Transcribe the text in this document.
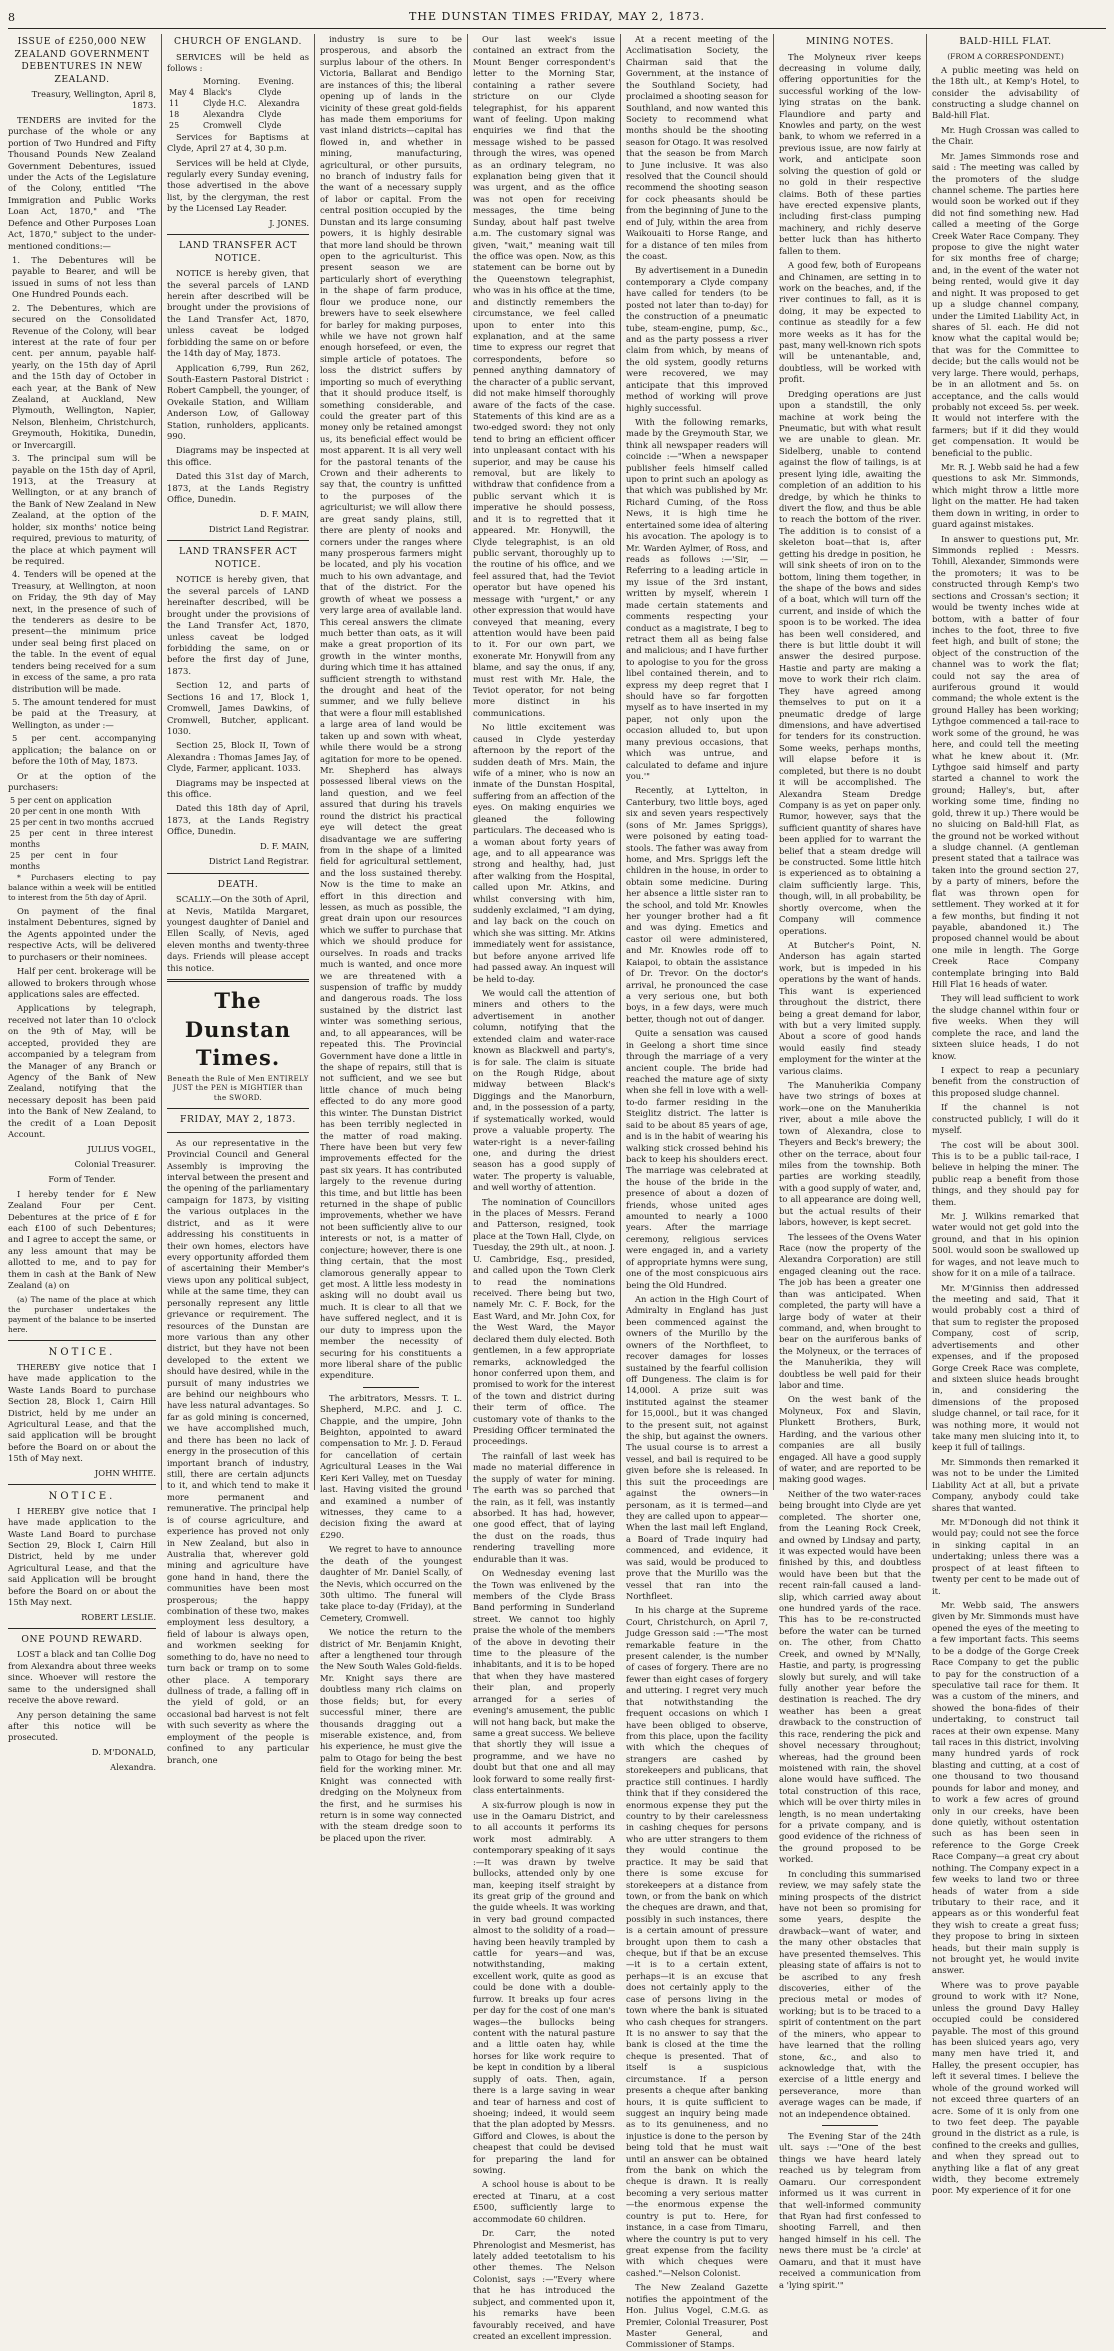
8	THE DUNSTAN TIMES FRIDAY, MAY 2, 1873.
ISSUE of £250,000 NEW ZEALAND GOVERNMENT DEBENTURES IN NEW ZEALAND.

Treasury, Wellington, April 8, 1873.

TENDERS are invited for the purchase of the whole or any portion of Two Hundred and Fifty Thousand Pounds New Zealand Government Debentures, issued under the Acts of the Legislature of the Colony, entitled "The Immigration and Public Works Loan Act, 1870," and "The Defence and Other Purposes Loan Act, 1870," subject to the under-mentioned conditions:—

1. The Debentures will be payable to Bearer, and will be issued in sums of not less than One Hundred Pounds each.
2. The Debentures, which are secured on the Consolidated Revenue of the Colony, will bear interest at the rate of four per cent. per annum, payable half-yearly, on the 15th day of April and the 15th day of October in each year, at the Bank of New Zealand, at Auckland, New Plymouth, Wellington, Napier, Nelson, Blenheim, Christchurch, Greymouth, Hokitika, Dunedin, or Invercargill.
3. The principal sum will be payable on the 15th day of April, 1913, at the Treasury at Wellington, or at any branch of the Bank of New Zealand in New Zealand, at the option of the holder, six months' notice being required, previous to maturity, of the place at which payment will be required.
4. Tenders will be opened at the Treasury, at Wellington, at noon on Friday, the 9th day of May next, in the presence of such of the tenderers as desire to be present—the minimum price under seal being first placed on the table. In the event of equal tenders being received for a sum in excess of the same, a pro rata distribution will be made.
5. The amount tendered for must be paid at the Treasury, at Wellington, as under :—
5 per cent. accompanying application; the balance on or before the 10th of May, 1873.

Or at the option of the purchasers:

5 per cent on application	
20 per cent in one month	With
25 per cent in two months	accrued
25 per cent in three months	interest
25 per cent in four months	

* Purchasers electing to pay balance within a week will be entitled to interest from the 5th day of April.

On payment of the final instalment Debentures, signed by the Agents appointed under the respective Acts, will be delivered to purchasers or their nominees.

Half per cent. brokerage will be allowed to brokers through whose applications sales are effected.

Applications by telegraph, received not later than 10 o'clock on the 9th of May, will be accepted, provided they are accompanied by a telegram from the Manager of any Branch or Agency of the Bank of New Zealand, notifying that the necessary deposit has been paid into the Bank of New Zealand, to the credit of a Loan Deposit Account.

JULIUS VOGEL,
Colonial Treasurer.

Form of Tender.

I hereby tender for £ New Zealand Four per Cent. Debentures at the price of £ for each £100 of such Debentures; and I agree to accept the same, or any less amount that may be allotted to me, and to pay for them in cash at the Bank of New Zealand (a) on

(a) The name of the place at which the purchaser undertakes the payment of the balance to be inserted here.

NOTICE.

THEREBY give notice that I have made application to the Waste Lands Board to purchase Section 28, Block 1, Cairn Hill District, held by me under an Agricultural Lease, and that the said application will be brought before the Board on or about the 15th of May next.

JOHN WHITE.
NOTICE.

I HEREBY give notice that I have made application to the Waste Land Board to purchase Section 29, Block I, Cairn Hill District, held by me under Agricultural Lease, and that the said Application will be brought before the Board on or about the 15th May next.

ROBERT LESLIE.
ONE POUND REWARD.

LOST a black and tan Collie Dog from Alexandra about three weeks since. Whoever will restore the same to the undersigned shall receive the above reward.

Any person detaining the same after this notice will be prosecuted.

D. M'DONALD,
Alexandra.
CHURCH OF ENGLAND.

SERVICES will be held as follows :

	Morning.	Evening.
May 4	Black's	Clyde
11	Clyde H.C.	Alexandra
18	Alexandra	Clyde
25	Cromwell	Clyde

Services for Baptisms at Clyde, April 27 at 4, 30 p.m.

Services will be held at Clyde, regularly every Sunday evening, those advertised in the above list, by the clergyman, the rest by the Licensed Lay Reader.

J. JONES.
LAND TRANSFER ACT NOTICE.

NOTICE is hereby given, that the several parcels of LAND herein after described will be brought under the provisions of the Land Transfer Act, 1870, unless caveat be lodged forbidding the same on or before the 14th day of May, 1873.

Application 6,799, Run 262, South-Eastern Pastoral District : Robert Campbell, the younger, of Ovekaile Station, and William Anderson Low, of Galloway Station, runholders, applicants. 990.

Diagrams may be inspected at this office.

Dated this 31st day of March, 1873, at the Lands Registry Office, Dunedin.

D. F. MAIN,
District Land Registrar.
LAND TRANSFER ACT NOTICE.

NOTICE is hereby given, that the several parcels of LAND hereinafter described, will be brought under the provisions of the Land Transfer Act, 1870, unless caveat be lodged forbidding the same, on or before the first day of June, 1873.

Section 12, and parts of Sections 16 and 17, Block 1, Cromwell, James Dawkins, of Cromwell, Butcher, applicant. 1030.

Section 25, Block II, Town of Alexandra : Thomas James Jay, of Clyde, Farmer, applicant. 1033.

Diagrams may be inspected at this office.

Dated this 18th day of April, 1873, at the Lands Registry Office, Dunedin.

D. F. MAIN,
District Land Registrar.
DEATH.

SCALLY.—On the 30th of April, at Nevis, Matilda Margaret, youngest daughter of Daniel and Ellen Scally, of Nevis, aged eleven months and twenty-three days. Friends will please accept this notice.

The Dunstan Times.
Beneath the Rule of Men ENTIRELY JUST the PEN is MIGHTIER than the SWORD.
FRIDAY, MAY 2, 1873.

As our representative in the Provincial Council and General Assembly is improving the interval between the present and the opening of the parliamentary campaign for 1873, by visiting the various outplaces in the district, and as it were addressing his constituents in their own homes, electors have every opportunity afforded them of ascertaining their Member's views upon any political subject, while at the same time, they can personally represent any little grievance or requirement. The resources of the Dunstan are more various than any other district, but they have not been developed to the extent we should have desired, while in the pursuit of many industries we are behind our neighbours who have less natural advantages. So far as gold mining is concerned, we have accomplished much, and there has been no lack of energy in the prosecution of this important branch of industry, still, there are certain adjuncts to it, and which tend to make it more permanent and remunerative. The principal help is of course agriculture, and experience has proved not only in New Zealand, but also in Australia that, wherever gold mining and agriculture have gone hand in hand, there the communities have been most prosperous; the happy combination of these two, makes employment less desultory, a field of labour is always open, and workmen seeking for something to do, have no need to turn back or tramp on to some other place. A temporary dullness of trade, a falling off in the yield of gold, or an occasional bad harvest is not felt with such severity as where the employment of the people is confined to any particular branch, one

industry is sure to be prosperous, and absorb the surplus labour of the others. In Victoria, Ballarat and Bendigo are instances of this; the liberal opening up of lands in the vicinity of these great gold-fields has made them emporiums for vast inland districts—capital has flowed in, and whether in mining, manufacturing, agricultural, or other pursuits, no branch of industry fails for the want of a necessary supply of labor or capital. From the central position occupied by the Dunstan and its large consuming powers, it is highly desirable that more land should be thrown open to the agriculturist. This present season we are particularly short of everything in the shape of farm produce, flour we produce none, our brewers have to seek elsewhere for barley for making purposes, while we have not grown half enough horsefeed, or even, the simple article of potatoes. The loss the district suffers by importing so much of everything that it should produce itself, is something considerable, and could the greater part of this money only be retained amongst us, its beneficial effect would be most apparent. It is all very well for the pastoral tenants of the Crown and their adherents to say that, the country is unfitted to the purposes of the agriculturist; we will allow there are great sandy plains, still, there are plenty of nooks and corners under the ranges where many prosperous farmers might be located, and ply his vocation much to his own advantage, and that of the district. For the growth of wheat we possess a very large area of available land. This cereal answers the climate much better than oats, as it will make a great proportion of its growth in the winter months, during which time it has attained sufficient strength to withstand the drought and heat of the summer, and we fully believe that were a flour mill established a large area of land would be taken up and sown with wheat, while there would be a strong agitation for more to be opened. Mr. Shepherd has always possessed liberal views on the land question, and we feel assured that during his travels round the district his practical eye will detect the great disadvantage we are suffering from in the shape of a limited field for agricultural settlement, and the loss sustained thereby. Now is the time to make an effort in this direction and lessen, as much as possible, the great drain upon our resources which we suffer to purchase that which we should produce for ourselves. In roads and tracks much is wanted, and once more we are threatened with a suspension of traffic by muddy and dangerous roads. The loss sustained by the district last winter was something serious, and, to all appearances, will be repeated this. The Provincial Government have done a little in the shape of repairs, still that is not sufficient, and we see but little chance of much being effected to do any more good this winter. The Dunstan District has been terribly neglected in the matter of road making. There have been but very few improvements effected for the past six years. It has contributed largely to the revenue during this time, and but little has been returned in the shape of public improvements, whether we have not been sufficiently alive to our interests or not, is a matter of conjecture; however, there is one thing certain, that the most clamorous generally appear to get most. A little less modesty in asking will no doubt avail us much. It is clear to all that we have suffered neglect, and it is our duty to impress upon the member the necessity of securing for his constituents a more liberal share of the public expenditure.

The arbitrators, Messrs. T. L. Shepherd, M.P.C. and J. C. Chappie, and the umpire, John Beighton, appointed to award compensation to Mr. J. D. Feraud for cancellation of certain Agricultural Leases in the Wai Keri Keri Valley, met on Tuesday last. Having visited the ground and examined a number of witnesses, they came to a decision fixing the award at £290.

We regret to have to announce the death of the youngest daughter of Mr. Daniel Scally, of the Nevis, which occurred on the 30th ultimo. The funeral will take place to-day (Friday), at the Cemetery, Cromwell.

We notice the return to the district of Mr. Benjamin Knight, after a lengthened tour through the New South Wales Gold-fields. Mr. Knight says there are doubtless many rich claims on those fields; but, for every successful miner, there are thousands dragging out a miserable existence, and, from his experience, he must give the palm to Otago for being the best field for the working miner. Mr. Knight was connected with dredging on the Molyneux from the first, and he surmises his return is in some way connected with the steam dredge soon to be placed upon the river.

Our last week's issue contained an extract from the Mount Benger correspondent's letter to the Morning Star, containing a rather severe stricture on our Clyde telegraphist, for his apparent want of feeling. Upon making enquiries we find that the message wished to be passed through the wires, was opened as an ordinary telegram, no explanation being given that it was urgent, and as the office was not open for receiving messages, the time being Sunday, about half past twelve a.m. The customary signal was given, "wait," meaning wait till the office was open. Now, as this statement can be borne out by the Queenstown telegraphist, who was in his office at the time, and distinctly remembers the circumstance, we feel called upon to enter into this explanation, and at the same time to express our regret that correspondents, before so penned anything damnatory of the character of a public servant, did not make himself thoroughly aware of the facts of the case. Statements of this kind are as a two-edged sword: they not only tend to bring an efficient officer into unpleasant contact with his superior, and may be cause his removal, but are likely to withdraw that confidence from a public servant which it is imperative he should possess, and it is to regretted that it appeared. Mr. Honywill, the Clyde telegraphist, is an old public servant, thoroughly up to the routine of his office, and we feel assured that, had the Teviot operator but have opened his message with "urgent," or any other expression that would have conveyed that meaning, every attention would have been paid to it. For our own part, we exonerate Mr. Honywill from any blame, and say the onus, if any, must rest with Mr. Hale, the Teviot operator, for not being more distinct in his communications.

No little excitement was caused in Clyde yesterday afternoon by the report of the sudden death of Mrs. Main, the wife of a miner, who is now an inmate of the Dunstan Hospital, suffering from an affection of the eyes. On making enquiries we gleaned the following particulars. The deceased who is a woman about forty years of age, and to all appearance was strong and healthy, had, just after walking from the Hospital, called upon Mr. Atkins, and whilst conversing with him, suddenly exclaimed, "I am dying, and lay back on the couch on which she was sitting. Mr. Atkins immediately went for assistance, but before anyone arrived life had passed away. An inquest will be held to-day.

We would call the attention of miners and others to the advertisement in another column, notifying that the extended claim and water-race known as Blackwell and party's, is for sale. The claim is situate on the Rough Ridge, about midway between Black's Diggings and the Manorburn, and, in the possession of a party, if systematically worked, would prove a valuable property. The water-right is a never-failing one, and during the driest season has a good supply of water. The property is valuable, and well worthy of attention.

The nomination of Councillors in the places of Messrs. Ferand and Patterson, resigned, took place at the Town Hall, Clyde, on Tuesday, the 29th ult., at noon. J. U. Cambridge, Esq., presided, and called upon the Town Clerk to read the nominations received. There being but two, namely Mr. C. F. Bock, for the East Ward, and Mr. John Cox, for the West Ward, the Mayor declared them duly elected. Both gentlemen, in a few appropriate remarks, acknowledged the honor conferred upon them, and promised to work for the interest of the town and district during their term of office. The customary vote of thanks to the Presiding Officer terminated the proceedings.

The rainfall of last week has made no material difference in the supply of water for mining. The earth was so parched that the rain, as it fell, was instantly absorbed. It has had, however, one good effect, that of laying the dust on the roads, thus rendering travelling more endurable than it was.

On Wednesday evening last the Town was enlivened by the members of the Clyde Brass Band performing in Sunderland street. We cannot too highly praise the whole of the members of the above in devoting their time to the pleasure of the inhabitants, and it is to be hoped that when they have mastered their plan, and properly arranged for a series of evening's amusement, the public will not hang back, but make the same a great success. We believe that shortly they will issue a programme, and we have no doubt but that one and all may look forward to some really first-class entertainments.

A six-furrow plough is now in use in the Oamaru District, and to all accounts it performs its work most admirably. A contemporary speaking of it says :—It was drawn by twelve bullocks, attended only by one man, keeping itself straight by its great grip of the ground and the guide wheels. It was working in very bad ground compacted almost to the solidity of a road—having been heavily trampled by cattle for years—and was, notwithstanding, making excellent work, quite as good as could be done with a double-furrow. It breaks up four acres per day for the cost of one man's wages—the bullocks being content with the natural pasture and a little oaten hay, while horses for like work require to be kept in condition by a liberal supply of oats. Then, again, there is a large saving in wear and tear of harness and cost of shoeing; indeed, it would seem that the plan adopted by Messrs. Gifford and Clowes, is about the cheapest that could be devised for preparing the land for sowing.

A school house is about to be erected at Tinaru, at a cost £500, sufficiently large to accommodate 60 children.

Dr. Carr, the noted Phrenologist and Mesmerist, has lately added teetotalism to his other themes. The Nelson Colonist, says :—"Every where that he has introduced the subject, and commented upon it, his remarks have been favourably received, and have created an excellent impression.

At a recent meeting of the Acclimatisation Society, the Chairman said that the Government, at the instance of the Southland Society, had proclaimed a shooting season for Southland, and now wanted this Society to recommend what months should be the shooting season for Otago. It was resolved that the season be from March to June inclusive. It was also resolved that the Council should recommend the shooting season for cock pheasants should be from the beginning of June to the end of July, within the area from Waikouaiti to Horse Range, and for a distance of ten miles from the coast.

By advertisement in a Dunedin contemporary a Clyde company have called for tenders (to be posted not later than to-day) for the construction of a pneumatic tube, steam-engine, pump, &c., and as the party possess a river claim from which, by means of the old system, goodly returns were recovered, we may anticipate that this improved method of working will prove highly successful.

With the following remarks, made by the Greymouth Star, we think all newspaper readers will coincide :—"When a newspaper publisher feels himself called upon to print such an apology as that which was published by Mr. Richard Cuming, of the Ross News, it is high time he entertained some idea of altering his avocation. The apology is to Mr. Warden Aylmer, of Ross, and reads as follows :—'Sir, —Referring to a leading article in my issue of the 3rd instant, written by myself, wherein I made certain statements and comments respecting your conduct as a magistrate, I beg to retract them all as being false and malicious; and I have further to apologise to you for the gross libel contained therein, and to express my deep regret that I should have so far forgotten myself as to have inserted in my paper, not only upon the occasion alluded to, but upon many previous occasions, that which was untrue, and calculated to defame and injure you.'"

Recently, at Lyttelton, in Canterbury, two little boys, aged six and seven years respectively (sons of Mr. James Spriggs), were poisoned by eating toad-stools. The father was away from home, and Mrs. Spriggs left the children in the house, in order to obtain some medicine. During her absence a little sister ran to the school, and told Mr. Knowles her younger brother had a fit and was dying. Emetics and castor oil were administered, and Mr. Knowles rode off to Kaiapoi, to obtain the assistance of Dr. Trevor. On the doctor's arrival, he pronounced the case a very serious one, but both boys, in a few days, were much better, though not out of danger.

Quite a sensation was caused in Geelong a short time since through the marriage of a very ancient couple. The bride had reached the mature age of sixty when she fell in love with a well-to-do farmer residing in the Steiglitz district. The latter is said to be about 85 years of age, and is in the habit of wearing his walking stick crossed behind his back to keep his shoulders erect. The marriage was celebrated at the house of the bride in the presence of about a dozen of friends, whose united ages amounted to nearly a 1000 years. After the marriage ceremony, religious services were engaged in, and a variety of appropriate hymns were sung, one of the most conspicuous airs being the Old Hundred.

An action in the High Court of Admiralty in England has just been commenced against the owners of the Murillo by the owners of the Northfleet, to recover damages for losses sustained by the fearful collision off Dungeness. The claim is for 14,000l. A prize suit was instituted against the steamer for 15,000l., but it was changed to the present suit, not against the ship, but against the owners. The usual course is to arrest a vessel, and bail is required to be given before she is released. In this suit the proceedings are against the owners—in personam, as it is termed—and they are called upon to appear—When the last mail left England, a Board of Trade inquiry had commenced, and evidence, it was said, would be produced to prove that the Murillo was the vessel that ran into the Northfleet.

In his charge at the Supreme Court, Christchurch, on April 7, Judge Gresson said :—"The most remarkable feature in the present calender, is the number of cases of forgery. There are no fewer than eight cases of forgery and uttering. I regret very much that notwithstanding the frequent occasions on which I have been obliged to observe, from this place, upon the facility with which the cheques of strangers are cashed by storekeepers and publicans, that practice still continues. I hardly think that if they considered the enormous expense they put the country to by their carelessness in cashing cheques for persons who are utter strangers to them they would continue the practice. It may be said that there is some excuse for storekeepers at a distance from town, or from the bank on which the cheques are drawn, and that, possibly in such instances, there is a certain amount of pressure brought upon them to cash a cheque, but if that be an excuse—it is to a certain extent, perhaps—it is an excuse that does not certainly apply to the case of persons living in the town where the bank is situated who cash cheques for strangers. It is no answer to say that the bank is closed at the time the cheque is presented. That of itself is a suspicious circumstance. If a person presents a cheque after banking hours, it is quite sufficient to suggest an inquiry being made as to its genuineness, and no injustice is done to the person by being told that he must wait until an answer can be obtained from the bank on which the cheque is drawn. It is really becoming a very serious matter—the enormous expense the country is put to. Here, for instance, in a case from Timaru, where the country is put to very great expense from the facility with which cheques were cashed."—Nelson Colonist.

The New Zealand Gazette notifies the appointment of the Hon. Julius Vogel, C.M.G. as Premier, Colonial Treasurer, Post Master General, and Commissioner of Stamps.

MINING NOTES.

The Molyneux river keeps decreasing in volume daily, offering opportunities for the successful working of the low-lying stratas on the bank. Flaundiore and party and Knowles and party, on the west bank, to whom we referred in a previous issue, are now fairly at work, and anticipate soon solving the question of gold or no gold in their respective claims. Both of these parties have erected expensive plants, including first-class pumping machinery, and richly deserve better luck than has hitherto fallen to them.

A good few, both of Europeans and Chinamen, are setting in to work on the beaches, and, if the river continues to fall, as it is doing, it may be expected to continue as steadily for a few more weeks as it has for the past, many well-known rich spots will be untenantable, and, doubtless, will be worked with profit.

Dredging operations are just upon a standstill, the only machine at work being the Pneumatic, but with what result we are unable to glean. Mr. Sidelberg, unable to contend against the flow of tailings, is at present lying idle, awaiting the completion of an addition to his dredge, by which he thinks to divert the flow, and thus be able to reach the bottom of the river. The addition is to consist of a skeleton boat—that is, after getting his dredge in position, he will sink sheets of iron on to the bottom, lining them together, in the shape of the bows and sides of a boat, which will turn off the current, and inside of which the spoon is to be worked. The idea has been well considered, and there is but little doubt it will answer the desired purpose. Hastie and party are making a move to work their rich claim. They have agreed among themselves to put on it a pneumatic dredge of large dimensions, and have advertised for tenders for its construction. Some weeks, perhaps months, will elapse before it is completed, but there is no doubt it will be accomplished. The Alexandra Steam Dredge Company is as yet on paper only. Rumor, however, says that the sufficient quantity of shares have been applied for to warrant the belief that a steam dredge will be constructed. Some little hitch is experienced as to obtaining a claim sufficiently large. This, though, will, in all probability, be shortly overcome, when the Company will commence operations.

At Butcher's Point, N. Anderson has again started work, but is impeded in his operations by the want of hands. This want is experienced throughout the district, there being a great demand for labor, with but a very limited supply. About a score of good hands would easily find steady employment for the winter at the various claims.

The Manuherikia Company have two strings of boxes at work—one on the Manuherikia river, about a mile above the town of Alexandra, close to Theyers and Beck's brewery; the other on the terrace, about four miles from the township. Both parties are working steadily, with a good supply of water, and, to all appearance are doing well, but the actual results of their labors, however, is kept secret.

The lessees of the Ovens Water Race (now the property of the Alexandra Corporation) are still engaged cleaning out the race. The job has been a greater one than was anticipated. When completed, the party will have a large body of water at their command, and, when brought to bear on the auriferous banks of the Molyneux, or the terraces of the Manuherikia, they will doubtless be well paid for their labor and time.

On the west bank of the Molyneux, Fox and Slavin, Plunkett Brothers, Burk, Harding, and the various other companies are all busily engaged. All have a good supply of water, and are reported to be making good wages.

Neither of the two water-races being brought into Clyde are yet completed. The shorter one, from the Leaning Rock Creek, and owned by Lindsay and party, it was expected would have been finished by this, and doubtless would have been but that the recent rain-fall caused a land-slip, which carried away about one hundred yards of the race. This has to be re-constructed before the water can be turned on. The other, from Chatto Creek, and owned by M'Nally, Hastie, and party, is progressing slowly but surely, and will take fully another year before the destination is reached. The dry weather has been a great drawback to the construction of this race, rendering the pick and shovel necessary throughout; whereas, had the ground been moistened with rain, the shovel alone would have sufficed. The total construction of this race, which will be over thirty miles in length, is no mean undertaking for a private company, and is good evidence of the richness of the ground proposed to be worked.

In concluding this summarised review, we may safely state the mining prospects of the district have not been so promising for some years, despite the drawback—want of water, and the many other obstacles that have presented themselves. This pleasing state of affairs is not to be ascribed to any fresh discoveries, either of the precious metal or modes of working; but is to be traced to a spirit of contentment on the part of the miners, who appear to have learned that the rolling stone, &c., and also to acknowledge that, with the exercise of a little energy and perseverance, more than average wages can be made, if not an independence obtained.

The Evening Star of the 24th ult. says :—"One of the best things we have heard lately reached us by telegram from Oamaru. Our correspondent informed us it was current in that well-informed community that Ryan had first confessed to shooting Farrell, and then hanged himself in his cell. The news there must be 'a circle' at Oamaru, and that it must have received a communication from a 'lying spirit.'"

BALD-HILL FLAT.

(FROM A CORRESPONDENT.)

A public meeting was held on the 18th ult., at Kemp's Hotel, to consider the advisability of constructing a sludge channel on Bald-hill Flat.

Mr. Hugh Crossan was called to the Chair.

Mr. James Simmonds rose and said : The meeting was called by the promoters of the sludge channel scheme. The parties here would soon be worked out if they did not find something new. Had called a meeting of the Gorge Creek Water Race Company. They propose to give the night water for six months free of charge; and, in the event of the water not being rented, would give it day and night. It was proposed to get up a sludge channel company, under the Limited Liability Act, in shares of 5l. each. He did not know what the capital would be; that was for the Committee to decide; but the calls would not be very large. There would, perhaps, be in an allotment and 5s. on acceptance, and the calls would probably not exceed 5s. per week. It would not interfere with the farmers; but if it did they would get compensation. It would be beneficial to the public.

Mr. R. J. Webb said he had a few questions to ask Mr. Simmonds, which might throw a little more light on the matter. He had taken them down in writing, in order to guard against mistakes.

In answer to questions put, Mr. Simmonds replied : Messrs. Tohill, Alexander, Simmonds were the promoters; it was to be constructed through Kemp's two sections and Crossan's section; it would be twenty inches wide at bottom, with a batter of four inches to the foot, three to five feet high, and built of stone; the object of the construction of the channel was to work the flat; could not say the area of auriferous ground it would command; the whole extent is the ground Halley has been working; Lythgoe commenced a tail-race to work some of the ground, he was here, and could tell the meeting what he knew about it. (Mr. Lythgoe said himself and party started a channel to work the ground; Halley's, but, after working some time, finding no gold, threw it up.) There would be no sluicing on Bald-hill Flat, as the ground not be worked without a sludge channel. (A gentleman present stated that a tailrace was taken into the ground section 27, by a party of miners, before the flat was thrown open for settlement. They worked at it for a few months, but finding it not payable, abandoned it.) The proposed channel would be about one mile in length. The Gorge Creek Race Company contemplate bringing into Bald Hill Flat 16 heads of water.

They will lead sufficient to work the sludge channel within four or five weeks. When they will complete the race, and land the sixteen sluice heads, I do not know.

I expect to reap a pecuniary benefit from the construction of this proposed sludge channel.

If the channel is not constructed publicly, I will do it myself.

The cost will be about 300l. This is to be a public tail-race, I believe in helping the miner. The public reap a benefit from those things, and they should pay for them.

Mr. J. Wilkins remarked that water would not get gold into the ground, and that in his opinion 500l. would soon be swallowed up for wages, and not leave much to show for it on a mile of a tailrace.

Mr. M'Ginniss then addressed the meeting and said, That it would probably cost a third of that sum to register the proposed Company, cost of scrip, advertisements and other expenses, and if the proposed Gorge Creek Race was complete, and sixteen sluice heads brought in, and considering the dimensions of the proposed sludge channel, or tail race, for it was nothing more, it would not take many men sluicing into it, to keep it full of tailings.

Mr. Simmonds then remarked it was not to be under the Limited Liability Act at all, but a private Company, anybody could take shares that wanted.

Mr. M'Donough did not think it would pay; could not see the force in sinking capital in an undertaking; unless there was a prospect of at least fifteen to twenty per cent to be made out of it.

Mr. Webb said, The answers given by Mr. Simmonds must have opened the eyes of the meeting to a few important facts. This seems to be a dodge of the Gorge Creek Race Company to get the public to pay for the construction of a speculative tail race for them. It was a custom of the miners, and showed the bona-fides of their undertaking, to construct tail races at their own expense. Many tail races in this district, involving many hundred yards of rock blasting and cutting, at a cost of one thousand to two thousand pounds for labor and money, and to work a few acres of ground only in our creeks, have been done quietly, without ostentation such as has been seen in reference to the Gorge Creek Race Company—a great cry about nothing. The Company expect in a few weeks to land two or three heads of water from a side tributary to their race, and it appears as or this wonderful feat they wish to create a great fuss; they propose to bring in sixteen heads, but their main supply is not brought yet, he would invite answer.

Where was to prove payable ground to work with it? None, unless the ground Davy Halley occupied could be considered payable. The most of this ground has been sluiced years ago, very many men have tried it, and Halley, the present occupier, has left it several times. I believe the whole of the ground worked will not exceed three quarters of an acre. Some of it is only from one to two feet deep. The payable ground in the district as a rule, is confined to the creeks and gullies, and when they spread out to anything like a flat of any great width, they become extremely poor. My experience of it for one
